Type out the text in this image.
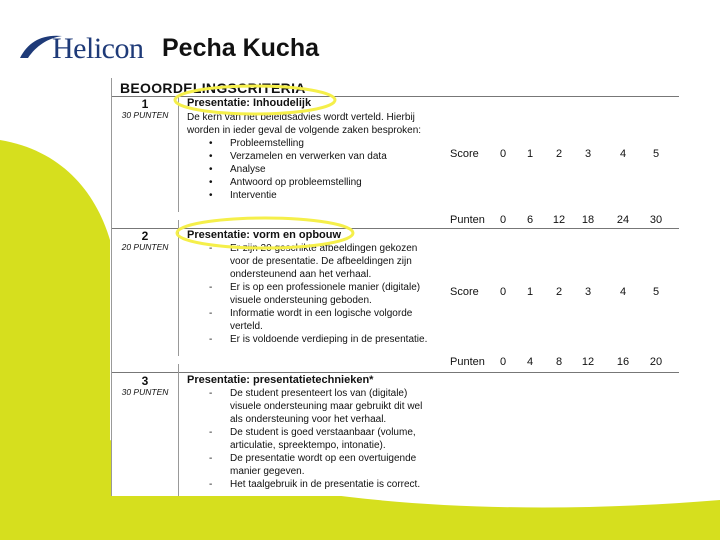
Helicon Pecha Kucha
BEOORDELINGSCRITERIA
1
30 PUNTEN
Presentatie: Inhoudelijk
De kern van het beleidsadvies wordt verteld. Hierbij worden in ieder geval de volgende zaken besproken:
• Probleemstelling
• Verzamelen en verwerken van data
• Analyse
• Antwoord op probleemstelling
• Interventie
Score	0	1	2	3	4	5
Punten	0	6	12	18	24	30
2
20 PUNTEN
Presentatie: vorm en opbouw
- Er zijn 20 geschikte afbeeldingen gekozen voor de presentatie. De afbeeldingen zijn ondersteunend aan het verhaal.
- Er is op een professionele manier (digitale) visuele ondersteuning geboden.
- Informatie wordt in een logische volgorde verteld.
- Er is voldoende verdieping in de presentatie.
Score	0	1	2	3	4	5
Punten	0	4	8	12	16	20
3
30 PUNTEN
Presentatie: presentatietechnieken*
- De student presenteert los van (digitale) visuele ondersteuning maar gebruikt dit wel als ondersteuning voor het verhaal.
- De student is goed verstaanbaar (volume, articulatie, spreektempo, intonatie).
- De presentatie wordt op een overtuigende manier gegeven.
- Het taalgebruik in de presentatie is correct.
